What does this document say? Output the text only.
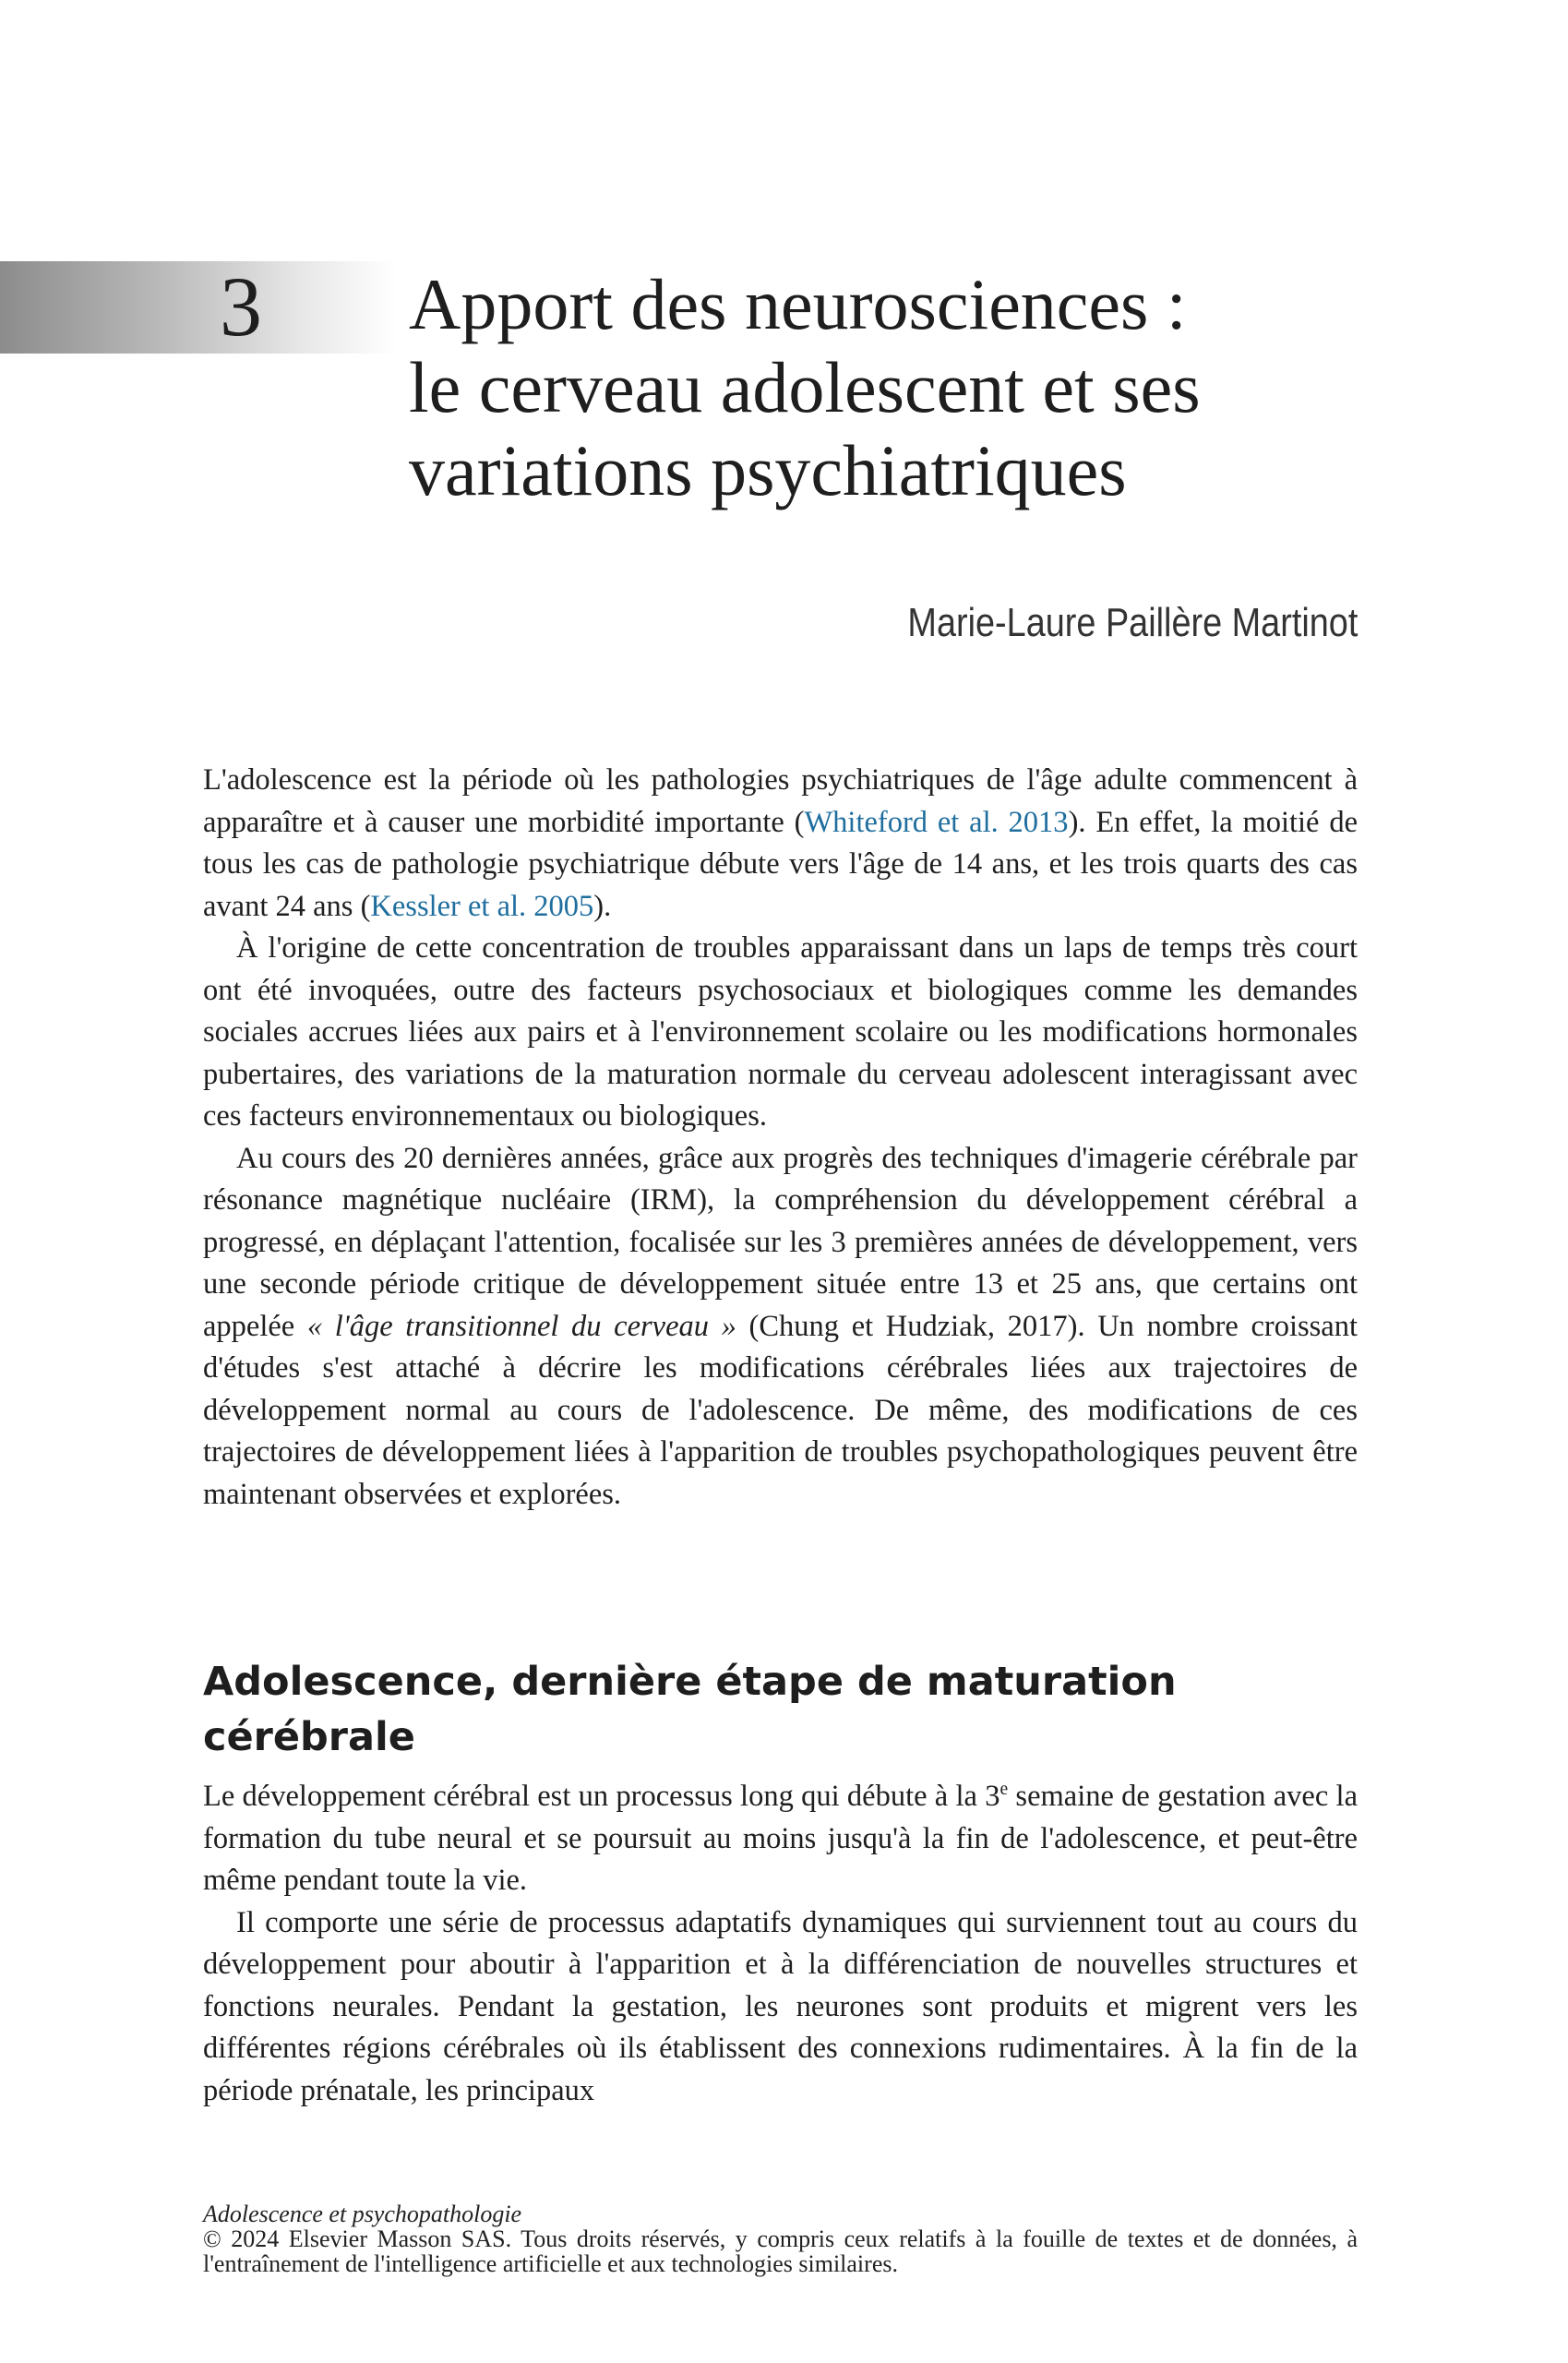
3 Apport des neurosciences :
le cerveau adolescent et ses
variations psychiatriques
Marie-Laure Paillère Martinot

L'adolescence est la période où les pathologies psychiatriques de l'âge adulte commencent à apparaître et à causer une morbidité importante (Whiteford et al. 2013). En effet, la moitié de tous les cas de pathologie psychiatrique débute vers l'âge de 14 ans, et les trois quarts des cas avant 24 ans (Kessler et al. 2005).

À l'origine de cette concentration de troubles apparaissant dans un laps de temps très court ont été invoquées, outre des facteurs psychosociaux et biologiques comme les demandes sociales accrues liées aux pairs et à l'environnement scolaire ou les modifications hormonales pubertaires, des variations de la maturation normale du cerveau adolescent interagissant avec ces facteurs environnementaux ou biologiques.

Au cours des 20 dernières années, grâce aux progrès des techniques d'imagerie cérébrale par résonance magnétique nucléaire (IRM), la compréhension du développement cérébral a progressé, en déplaçant l'attention, focalisée sur les 3 premières années de développement, vers une seconde période critique de développement située entre 13 et 25 ans, que certains ont appelée « l'âge transitionnel du cerveau » (Chung et Hudziak, 2017). Un nombre croissant d'études s'est attaché à décrire les modifications cérébrales liées aux trajectoires de développement normal au cours de l'adolescence. De même, des modifications de ces trajectoires de développement liées à l'apparition de troubles psychopathologiques peuvent être maintenant observées et explorées.

Adolescence, dernière étape de maturation cérébrale

Le développement cérébral est un processus long qui débute à la 3e semaine de gestation avec la formation du tube neural et se poursuit au moins jusqu'à la fin de l'adolescence, et peut-être même pendant toute la vie.

Il comporte une série de processus adaptatifs dynamiques qui surviennent tout au cours du développement pour aboutir à l'apparition et à la différenciation de nouvelles structures et fonctions neurales. Pendant la gestation, les neurones sont produits et migrent vers les différentes régions cérébrales où ils établissent des connexions rudimentaires. À la fin de la période prénatale, les principaux

Adolescence et psychopathologie
© 2024 Elsevier Masson SAS. Tous droits réservés, y compris ceux relatifs à la fouille de textes et de données, à l'entraînement de l'intelligence artificielle et aux technologies similaires.
